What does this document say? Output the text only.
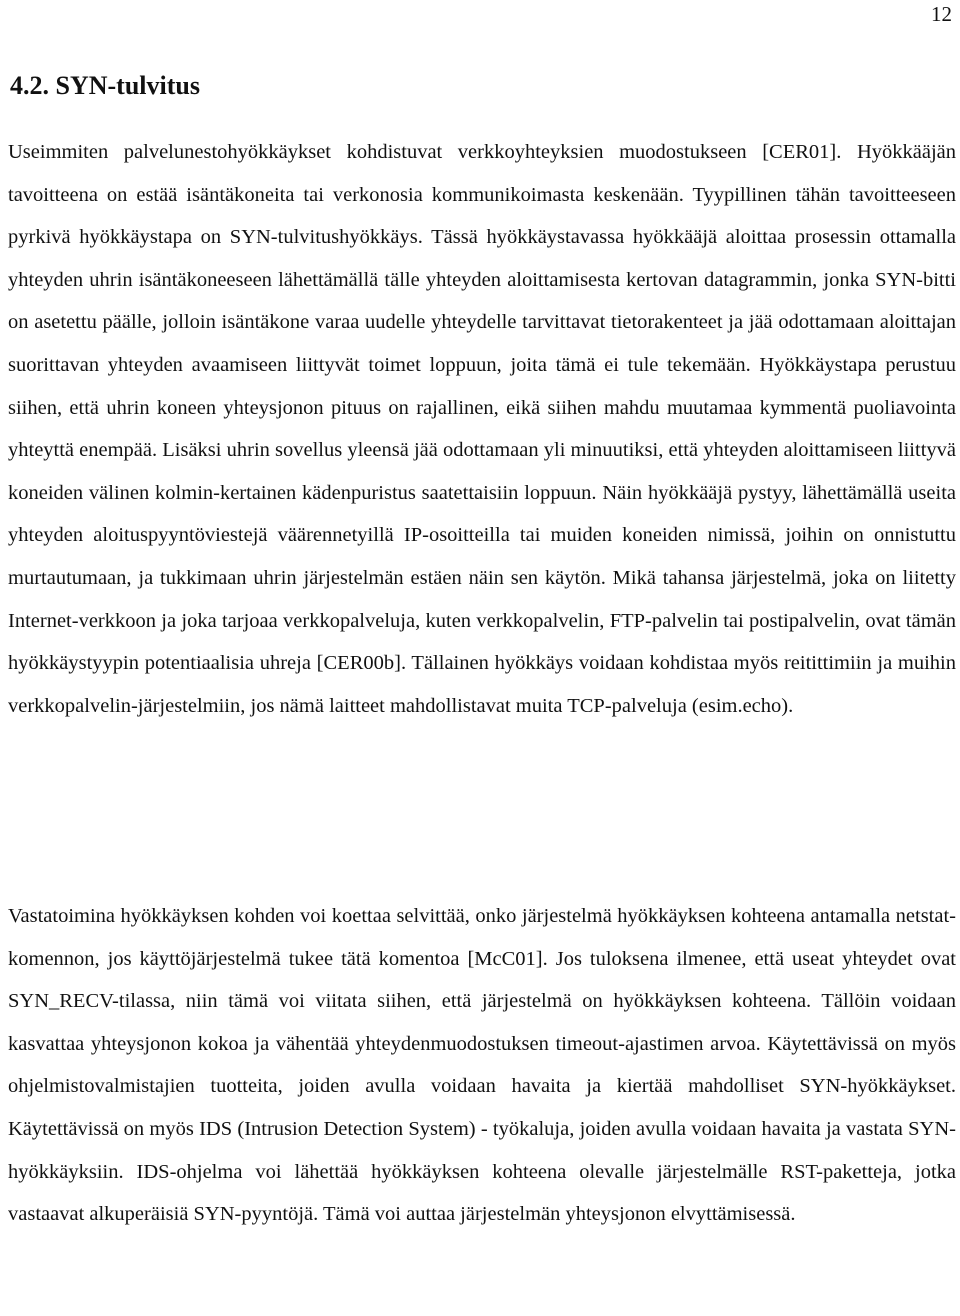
12
4.2. SYN-tulvitus

Useimmiten palvelunestohyökkäykset kohdistuvat verkkoyhteyksien muodostukseen [CER01]. Hyökkääjän tavoitteena on estää isäntäkoneita tai verkonosia kommunikoimasta keskenään. Tyypillinen tähän tavoitteeseen pyrkivä hyökkäystapa on SYN-tulvitushyökkäys. Tässä hyökkäystavassa hyökkääjä aloittaa prosessin ottamalla yhteyden uhrin isäntäkoneeseen lähettämällä tälle yhteyden aloittamisesta kertovan datagrammin, jonka SYN-bitti on asetettu päälle, jolloin isäntäkone varaa uudelle yhteydelle tarvittavat tietorakenteet ja jää odottamaan aloittajan suorittavan yhteyden avaamiseen liittyvät toimet loppuun, joita tämä ei tule tekemään. Hyökkäystapa perustuu siihen, että uhrin koneen yhteysjonon pituus on rajallinen, eikä siihen mahdu muutamaa kymmentä puoliavointa yhteyttä enempää. Lisäksi uhrin sovellus yleensä jää odottamaan yli minuutiksi, että yhteyden aloittamiseen liittyvä koneiden välinen kolmin-kertainen kädenpuristus saatettaisiin loppuun. Näin hyökkääjä pystyy, lähettämällä useita yhteyden aloituspyyntöviestejä väärennetyillä IP-osoitteilla tai muiden koneiden nimissä, joihin on onnistuttu murtautumaan, ja tukkimaan uhrin järjestelmän estäen näin sen käytön. Mikä tahansa järjestelmä, joka on liitetty Internet-verkkoon ja joka tarjoaa verkkopalveluja, kuten verkkopalvelin, FTP-palvelin tai postipalvelin, ovat tämän hyökkäystyypin potentiaalisia uhreja [CER00b]. Tällainen hyökkäys voidaan kohdistaa myös reitittimiin ja muihin verkkopalvelin-järjestelmiin, jos nämä laitteet mahdollistavat muita TCP-palveluja (esim.echo).

Vastatoimina hyökkäyksen kohden voi koettaa selvittää, onko järjestelmä hyökkäyksen kohteena antamalla netstat-komennon, jos käyttöjärjestelmä tukee tätä komentoa [McC01]. Jos tuloksena ilmenee, että useat yhteydet ovat SYN_RECV-tilassa, niin tämä voi viitata siihen, että järjestelmä on hyökkäyksen kohteena. Tällöin voidaan kasvattaa yhteysjonon kokoa ja vähentää yhteydenmuodostuksen timeout-ajastimen arvoa. Käytettävissä on myös ohjelmistovalmistajien tuotteita, joiden avulla voidaan havaita ja kiertää mahdolliset SYN-hyökkäykset. Käytettävissä on myös IDS (Intrusion Detection System) - työkaluja, joiden avulla voidaan havaita ja vastata SYN-hyökkäyksiin. IDS-ohjelma voi lähettää hyökkäyksen kohteena olevalle järjestelmälle RST-paketteja, jotka vastaavat alkuperäisiä SYN-pyyntöjä. Tämä voi auttaa järjestelmän yhteysjonon elvyttämisessä.
